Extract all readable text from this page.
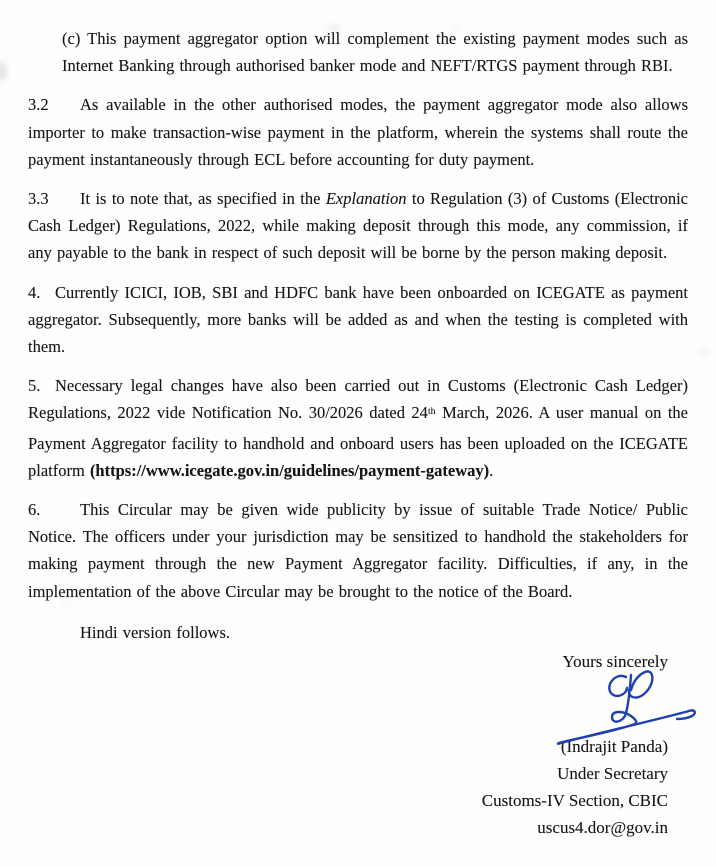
(c) This payment aggregator option will complement the existing payment modes such as Internet Banking through authorised banker mode and NEFT/RTGS payment through RBI.

3.2 As available in the other authorised modes, the payment aggregator mode also allows importer to make transaction-wise payment in the platform, wherein the systems shall route the payment instantaneously through ECL before accounting for duty payment.

3.3 It is to note that, as specified in the Explanation to Regulation (3) of Customs (Electronic Cash Ledger) Regulations, 2022, while making deposit through this mode, any commission, if any payable to the bank in respect of such deposit will be borne by the person making deposit.

4. Currently ICICI, IOB, SBI and HDFC bank have been onboarded on ICEGATE as payment aggregator. Subsequently, more banks will be added as and when the testing is completed with them.

5. Necessary legal changes have also been carried out in Customs (Electronic Cash Ledger) Regulations, 2022 vide Notification No. 30/2026 dated 24th March, 2026. A user manual on the Payment Aggregator facility to handhold and onboard users has been uploaded on the ICEGATE platform (https://www.icegate.gov.in/guidelines/payment-gateway).

6. This Circular may be given wide publicity by issue of suitable Trade Notice/ Public Notice. The officers under your jurisdiction may be sensitized to handhold the stakeholders for making payment through the new Payment Aggregator facility. Difficulties, if any, in the implementation of the above Circular may be brought to the notice of the Board.

Hindi version follows.

Yours sincerely
(Indrajit Panda)
Under Secretary
Customs-IV Section, CBIC
uscus4.dor@gov.in
